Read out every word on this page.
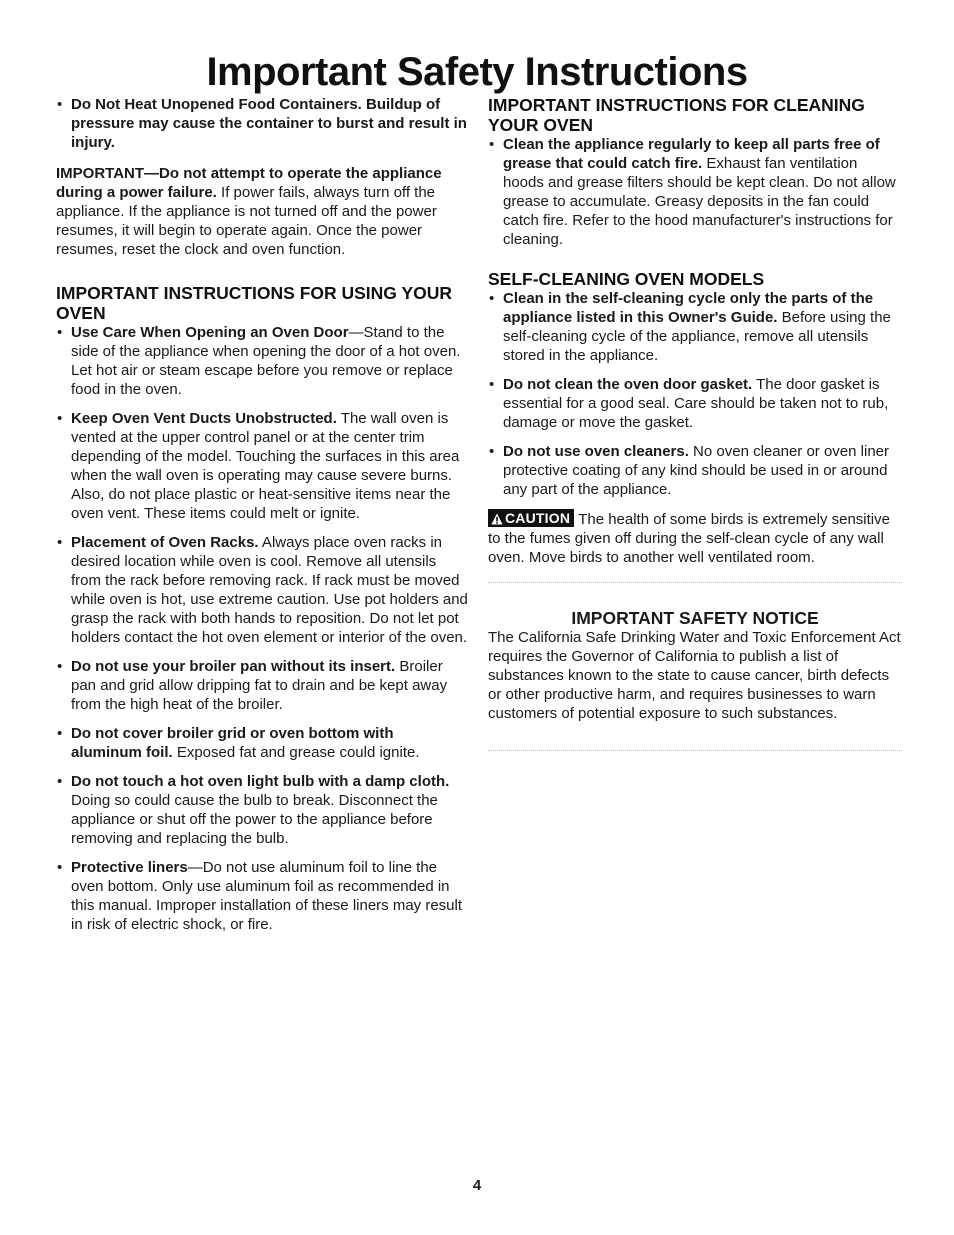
Important Safety Instructions

• Do Not Heat Unopened Food Containers. Buildup of pressure may cause the container to burst and result in injury.

IMPORTANT—Do not attempt to operate the appliance during a power failure. If power fails, always turn off the appliance. If the appliance is not turned off and the power resumes, it will begin to operate again. Once the power resumes, reset the clock and oven function.

IMPORTANT INSTRUCTIONS FOR USING YOUR OVEN

• Use Care When Opening an Oven Door—Stand to the side of the appliance when opening the door of a hot oven. Let hot air or steam escape before you remove or replace food in the oven.

• Keep Oven Vent Ducts Unobstructed. The wall oven is vented at the upper control panel or at the center trim depending of the model. Touching the surfaces in this area when the wall oven is operating may cause severe burns. Also, do not place plastic or heat-sensitive items near the oven vent. These items could melt or ignite.

• Placement of Oven Racks. Always place oven racks in desired location while oven is cool. Remove all utensils from the rack before removing rack. If rack must be moved while oven is hot, use extreme caution. Use pot holders and grasp the rack with both hands to reposition. Do not let pot holders contact the hot oven element or interior of the oven.

• Do not use your broiler pan without its insert. Broiler pan and grid allow dripping fat to drain and be kept away from the high heat of the broiler.

• Do not cover broiler grid or oven bottom with aluminum foil. Exposed fat and grease could ignite.

• Do not touch a hot oven light bulb with a damp cloth. Doing so could cause the bulb to break. Disconnect the appliance or shut off the power to the appliance before removing and replacing the bulb.

• Protective liners—Do not use aluminum foil to line the oven bottom. Only use aluminum foil as recommended in this manual. Improper installation of these liners may result in risk of electric shock, or fire.

IMPORTANT INSTRUCTIONS FOR CLEANING YOUR OVEN

• Clean the appliance regularly to keep all parts free of grease that could catch fire. Exhaust fan ventilation hoods and grease filters should be kept clean. Do not allow grease to accumulate. Greasy deposits in the fan could catch fire. Refer to the hood manufacturer's instructions for cleaning.

SELF-CLEANING OVEN MODELS

• Clean in the self-cleaning cycle only the parts of the appliance listed in this Owner's Guide. Before using the self-cleaning cycle of the appliance, remove all utensils stored in the appliance.

• Do not clean the oven door gasket. The door gasket is essential for a good seal. Care should be taken not to rub, damage or move the gasket.

• Do not use oven cleaners. No oven cleaner or oven liner protective coating of any kind should be used in or around any part of the appliance.

CAUTION The health of some birds is extremely sensitive to the fumes given off during the self-clean cycle of any wall oven. Move birds to another well ventilated room.

IMPORTANT SAFETY NOTICE

The California Safe Drinking Water and Toxic Enforcement Act requires the Governor of California to publish a list of substances known to the state to cause cancer, birth defects or other productive harm, and requires businesses to warn customers of potential exposure to such substances.

4
